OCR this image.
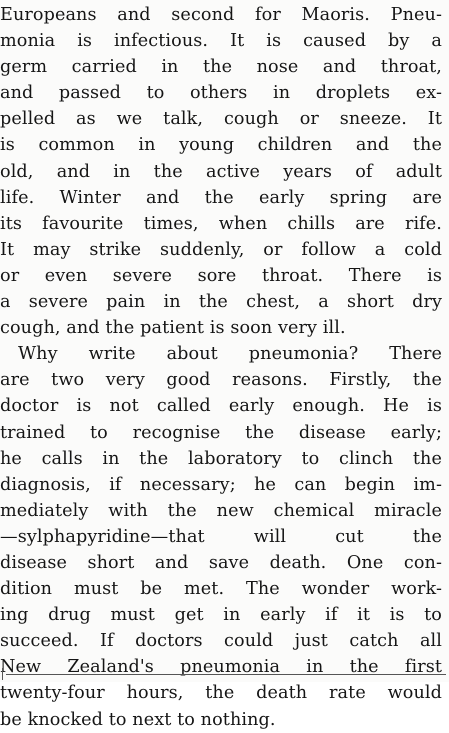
Europeans and second for Maoris. Pneu-
monia is infectious. It is caused by a
germ carried in the nose and throat,
and passed to others in droplets ex-
pelled as we talk, cough or sneeze. It
is common in young children and the
old, and in the active years of adult
life. Winter and the early spring are
its favourite times, when chills are rife.
It may strike suddenly, or follow a cold
or even severe sore throat. There is
a severe pain in the chest, a short dry
cough, and the patient is soon very ill.
Why write about pneumonia? There
are two very good reasons. Firstly, the
doctor is not called early enough. He is
trained to recognise the disease early;
he calls in the laboratory to clinch the
diagnosis, if necessary; he can begin im-
mediately with the new chemical miracle
—sylphapyridine—that will cut the
disease short and save death. One con-
dition must be met. The wonder work-
ing drug must get in early if it is to
succeed. If doctors could just catch all
New Zealand's pneumonia in the first
twenty-four hours, the death rate would
be knocked to next to nothing.
